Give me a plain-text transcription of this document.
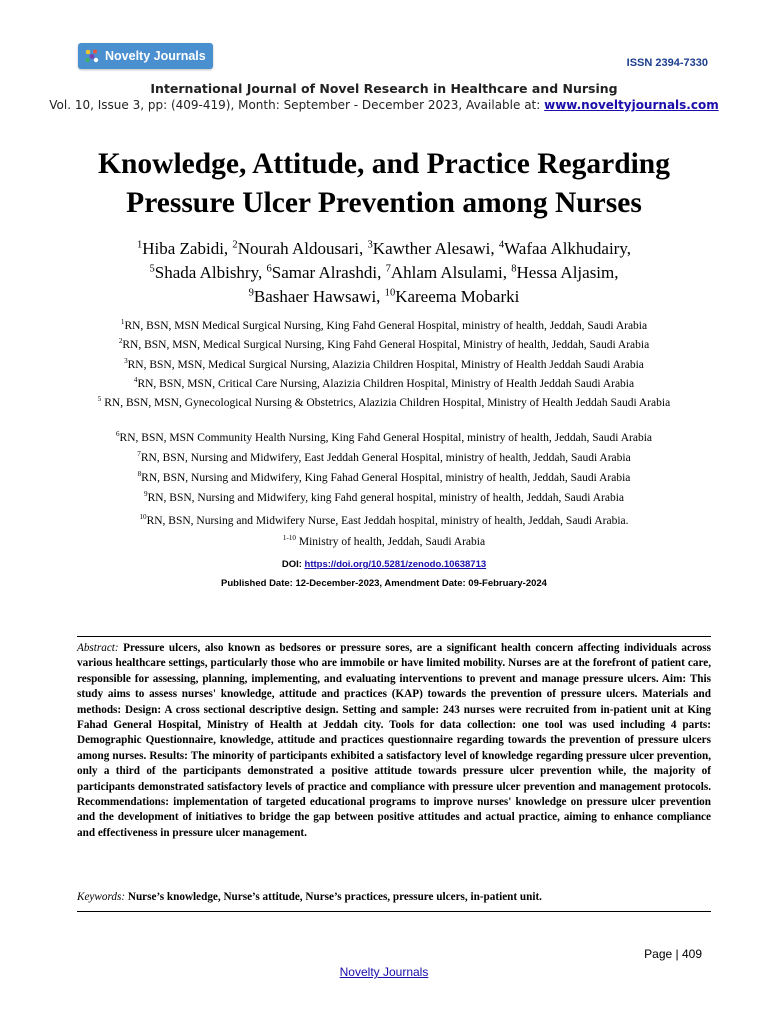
Novelty Journals	ISSN 2394-7330
International Journal of Novel Research in Healthcare and Nursing
Vol. 10, Issue 3, pp: (409-419), Month: September - December 2023, Available at: www.noveltyjournals.com
Knowledge, Attitude, and Practice Regarding
Pressure Ulcer Prevention among Nurses
$^1$Hiba Zabidi, $^2$Nourah Aldousari, $^3$Kawther Alesawi, $^4$Wafaa Alkhudairy,
$^5$Shada Albishry, $^6$Samar Alrashdi, $^7$Ahlam Alsulami, $^8$Hessa Aljasim,
$^9$Bashaer Hawsawi, $^{10}$Kareema Mobarki
$^1$RN, BSN, MSN Medical Surgical Nursing, King Fahd General Hospital, ministry of health, Jeddah, Saudi Arabia
$^2$RN, BSN, MSN, Medical Surgical Nursing, King Fahd General Hospital, Ministry of health, Jeddah, Saudi Arabia
$^3$RN, BSN, MSN, Medical Surgical Nursing, Alazizia Children Hospital, Ministry of Health Jeddah Saudi Arabia
$^4$RN, BSN, MSN, Critical Care Nursing, Alazizia Children Hospital, Ministry of Health Jeddah Saudi Arabia
$^5$ RN, BSN, MSN, Gynecological Nursing & Obstetrics, Alazizia Children Hospital, Ministry of Health Jeddah Saudi Arabia
$^6$RN, BSN, MSN Community Health Nursing, King Fahd General Hospital, ministry of health, Jeddah, Saudi Arabia
$^7$RN, BSN, Nursing and Midwifery, East Jeddah General Hospital, ministry of health, Jeddah, Saudi Arabia
$^8$RN, BSN, Nursing and Midwifery, King Fahad General Hospital, ministry of health, Jeddah, Saudi Arabia
$^9$RN, BSN, Nursing and Midwifery, king Fahd general hospital, ministry of health, Jeddah, Saudi Arabia
$^{10}$RN, BSN, Nursing and Midwifery Nurse, East Jeddah hospital, ministry of health, Jeddah, Saudi Arabia.
$^{1-10}$ Ministry of health, Jeddah, Saudi Arabia
DOI: https://doi.org/10.5281/zenodo.10638713
Published Date: 12-December-2023, Amendment Date: 09-February-2024
Abstract: Pressure ulcers, also known as bedsores or pressure sores, are a significant health concern affecting individuals across various healthcare settings, particularly those who are immobile or have limited mobility. Nurses are at the forefront of patient care, responsible for assessing, planning, implementing, and evaluating interventions to prevent and manage pressure ulcers. Aim: This study aims to assess nurses' knowledge, attitude and practices (KAP) towards the prevention of pressure ulcers. Materials and methods: Design: A cross sectional descriptive design. Setting and sample: 243 nurses were recruited from in-patient unit at King Fahad General Hospital, Ministry of Health at Jeddah city. Tools for data collection: one tool was used including 4 parts: Demographic Questionnaire, knowledge, attitude and practices questionnaire regarding towards the prevention of pressure ulcers among nurses. Results: The minority of participants exhibited a satisfactory level of knowledge regarding pressure ulcer prevention, only a third of the participants demonstrated a positive attitude towards pressure ulcer prevention while, the majority of participants demonstrated satisfactory levels of practice and compliance with pressure ulcer prevention and management protocols. Recommendations: implementation of targeted educational programs to improve nurses' knowledge on pressure ulcer prevention and the development of initiatives to bridge the gap between positive attitudes and actual practice, aiming to enhance compliance and effectiveness in pressure ulcer management.
Keywords: Nurse’s knowledge, Nurse’s attitude, Nurse’s practices, pressure ulcers, in-patient unit.
Page | 409
Novelty Journals
